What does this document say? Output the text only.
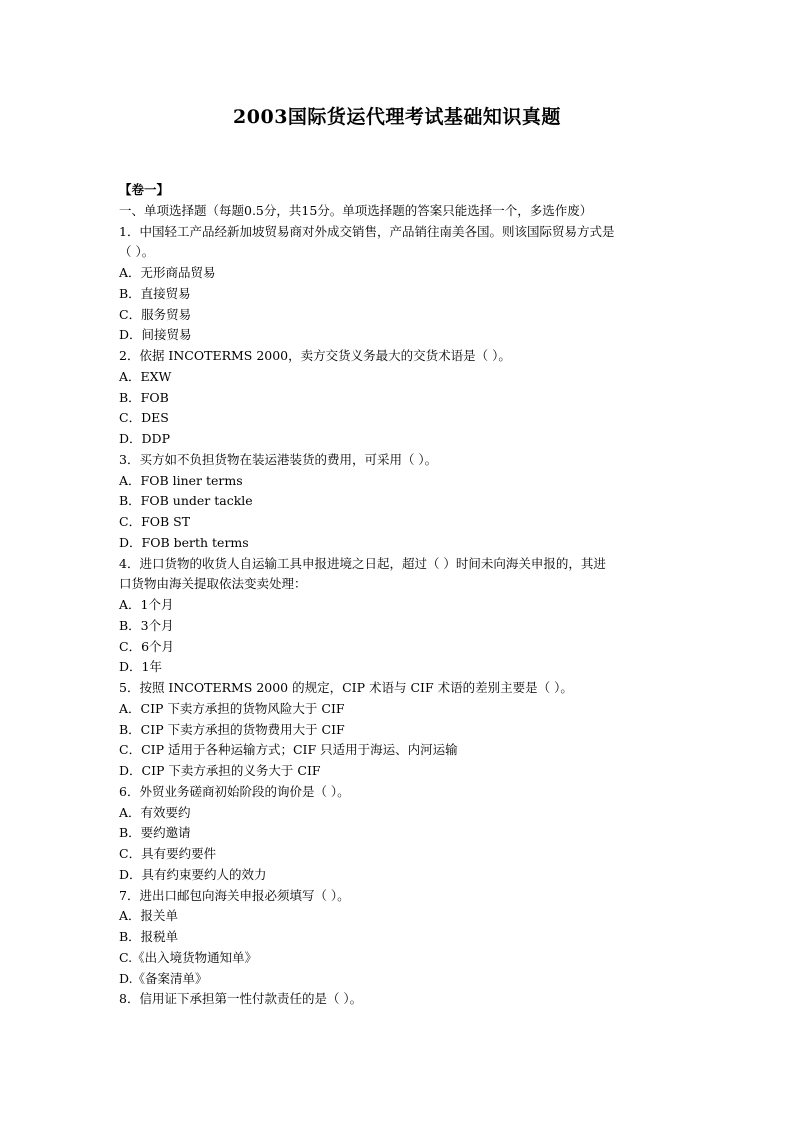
2003国际货运代理考试基础知识真题
【卷一】
一、单项选择题（每题0.5分，共15分。单项选择题的答案只能选择一个，多选作废）
1．中国轻工产品经新加坡贸易商对外成交销售，产品销往南美各国。则该国际贸易方式是
（ ）。
A．无形商品贸易
B．直接贸易
C．服务贸易
D．间接贸易
2．依据 INCOTERMS 2000，卖方交货义务最大的交货术语是（ ）。
A．EXW
B．FOB
C．DES
D．DDP
3．买方如不负担货物在装运港装货的费用，可采用（ ）。
A．FOB liner terms
B．FOB under tackle
C．FOB ST
D．FOB berth terms
4．进口货物的收货人自运输工具申报进境之日起，超过（ ）时间未向海关申报的，其进
口货物由海关提取依法变卖处理：
A．1个月
B．3个月
C．6个月
D．1年
5．按照 INCOTERMS 2000 的规定，CIP 术语与 CIF 术语的差别主要是（ ）。
A．CIP 下卖方承担的货物风险大于 CIF
B．CIP 下卖方承担的货物费用大于 CIF
C．CIP 适用于各种运输方式；CIF 只适用于海运、内河运输
D．CIP 下卖方承担的义务大于 CIF
6．外贸业务磋商初始阶段的询价是（ ）。
A．有效要约
B．要约邀请
C．具有要约要件
D．具有约束要约人的效力
7．进出口邮包向海关申报必须填写（ ）。
A．报关单
B．报税单
C.《出入境货物通知单》
D.《备案清单》
8．信用证下承担第一性付款责任的是（ ）。
